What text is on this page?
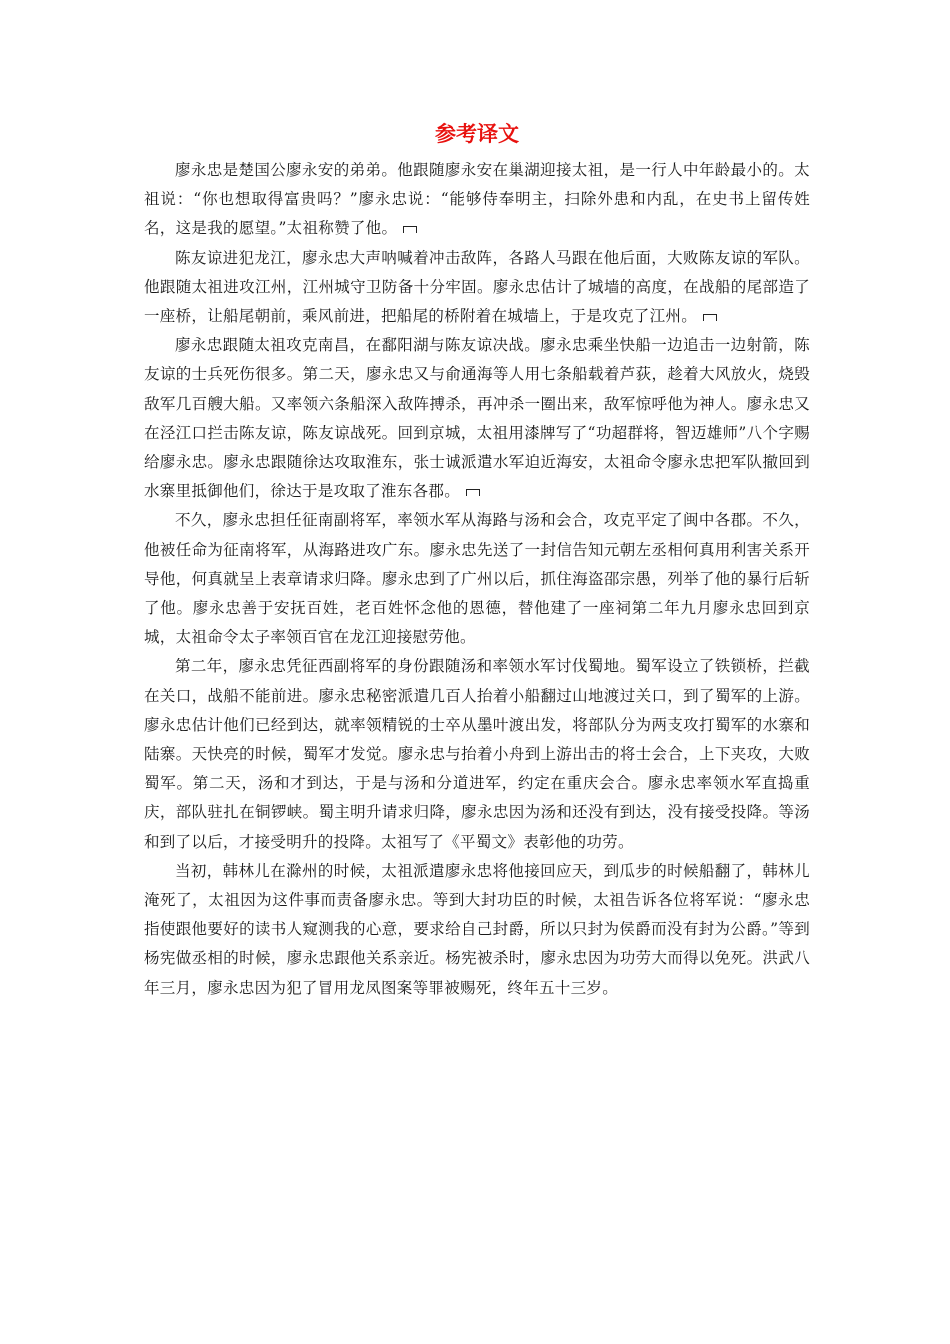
参考译文

廖永忠是楚国公廖永安的弟弟。他跟随廖永安在巢湖迎接太祖，是一行人中年龄最小的。太祖说：“你也想取得富贵吗？”廖永忠说：“能够侍奉明主，扫除外患和内乱，在史书上留传姓名，这是我的愿望。”太祖称赞了他。

陈友谅进犯龙江，廖永忠大声呐喊着冲击敌阵，各路人马跟在他后面，大败陈友谅的军队。他跟随太祖进攻江州，江州城守卫防备十分牢固。廖永忠估计了城墙的高度，在战船的尾部造了一座桥，让船尾朝前，乘风前进，把船尾的桥附着在城墙上，于是攻克了江州。

廖永忠跟随太祖攻克南昌，在鄱阳湖与陈友谅决战。廖永忠乘坐快船一边追击一边射箭，陈友谅的士兵死伤很多。第二天，廖永忠又与俞通海等人用七条船载着芦荻，趁着大风放火，烧毁敌军几百艘大船。又率领六条船深入敌阵搏杀，再冲杀一圈出来，敌军惊呼他为神人。廖永忠又在泾江口拦击陈友谅，陈友谅战死。回到京城，太祖用漆牌写了“功超群将，智迈雄师”八个字赐给廖永忠。廖永忠跟随徐达攻取淮东，张士诚派遣水军迫近海安，太祖命令廖永忠把军队撤回到水寨里抵御他们，徐达于是攻取了淮东各郡。

不久，廖永忠担任征南副将军，率领水军从海路与汤和会合，攻克平定了闽中各郡。不久，他被任命为征南将军，从海路进攻广东。廖永忠先送了一封信告知元朝左丞相何真用利害关系开导他，何真就呈上表章请求归降。廖永忠到了广州以后，抓住海盗邵宗愚，列举了他的暴行后斩了他。廖永忠善于安抚百姓，老百姓怀念他的恩德，替他建了一座祠第二年九月廖永忠回到京城，太祖命令太子率领百官在龙江迎接慰劳他。

第二年，廖永忠凭征西副将军的身份跟随汤和率领水军讨伐蜀地。蜀军设立了铁锁桥，拦截在关口，战船不能前进。廖永忠秘密派遣几百人抬着小船翻过山地渡过关口，到了蜀军的上游。廖永忠估计他们已经到达，就率领精锐的士卒从墨叶渡出发，将部队分为两支攻打蜀军的水寨和陆寨。天快亮的时候，蜀军才发觉。廖永忠与抬着小舟到上游出击的将士会合，上下夹攻，大败蜀军。第二天，汤和才到达，于是与汤和分道进军，约定在重庆会合。廖永忠率领水军直捣重庆，部队驻扎在铜锣峡。蜀主明升请求归降，廖永忠因为汤和还没有到达，没有接受投降。等汤和到了以后，才接受明升的投降。太祖写了《平蜀文》表彰他的功劳。

当初，韩林儿在滁州的时候，太祖派遣廖永忠将他接回应天，到瓜步的时候船翻了，韩林儿淹死了，太祖因为这件事而责备廖永忠。等到大封功臣的时候，太祖告诉各位将军说：“廖永忠指使跟他要好的读书人窥测我的心意，要求给自己封爵，所以只封为侯爵而没有封为公爵。”等到杨宪做丞相的时候，廖永忠跟他关系亲近。杨宪被杀时，廖永忠因为功劳大而得以免死。洪武八年三月，廖永忠因为犯了冒用龙凤图案等罪被赐死，终年五十三岁。
